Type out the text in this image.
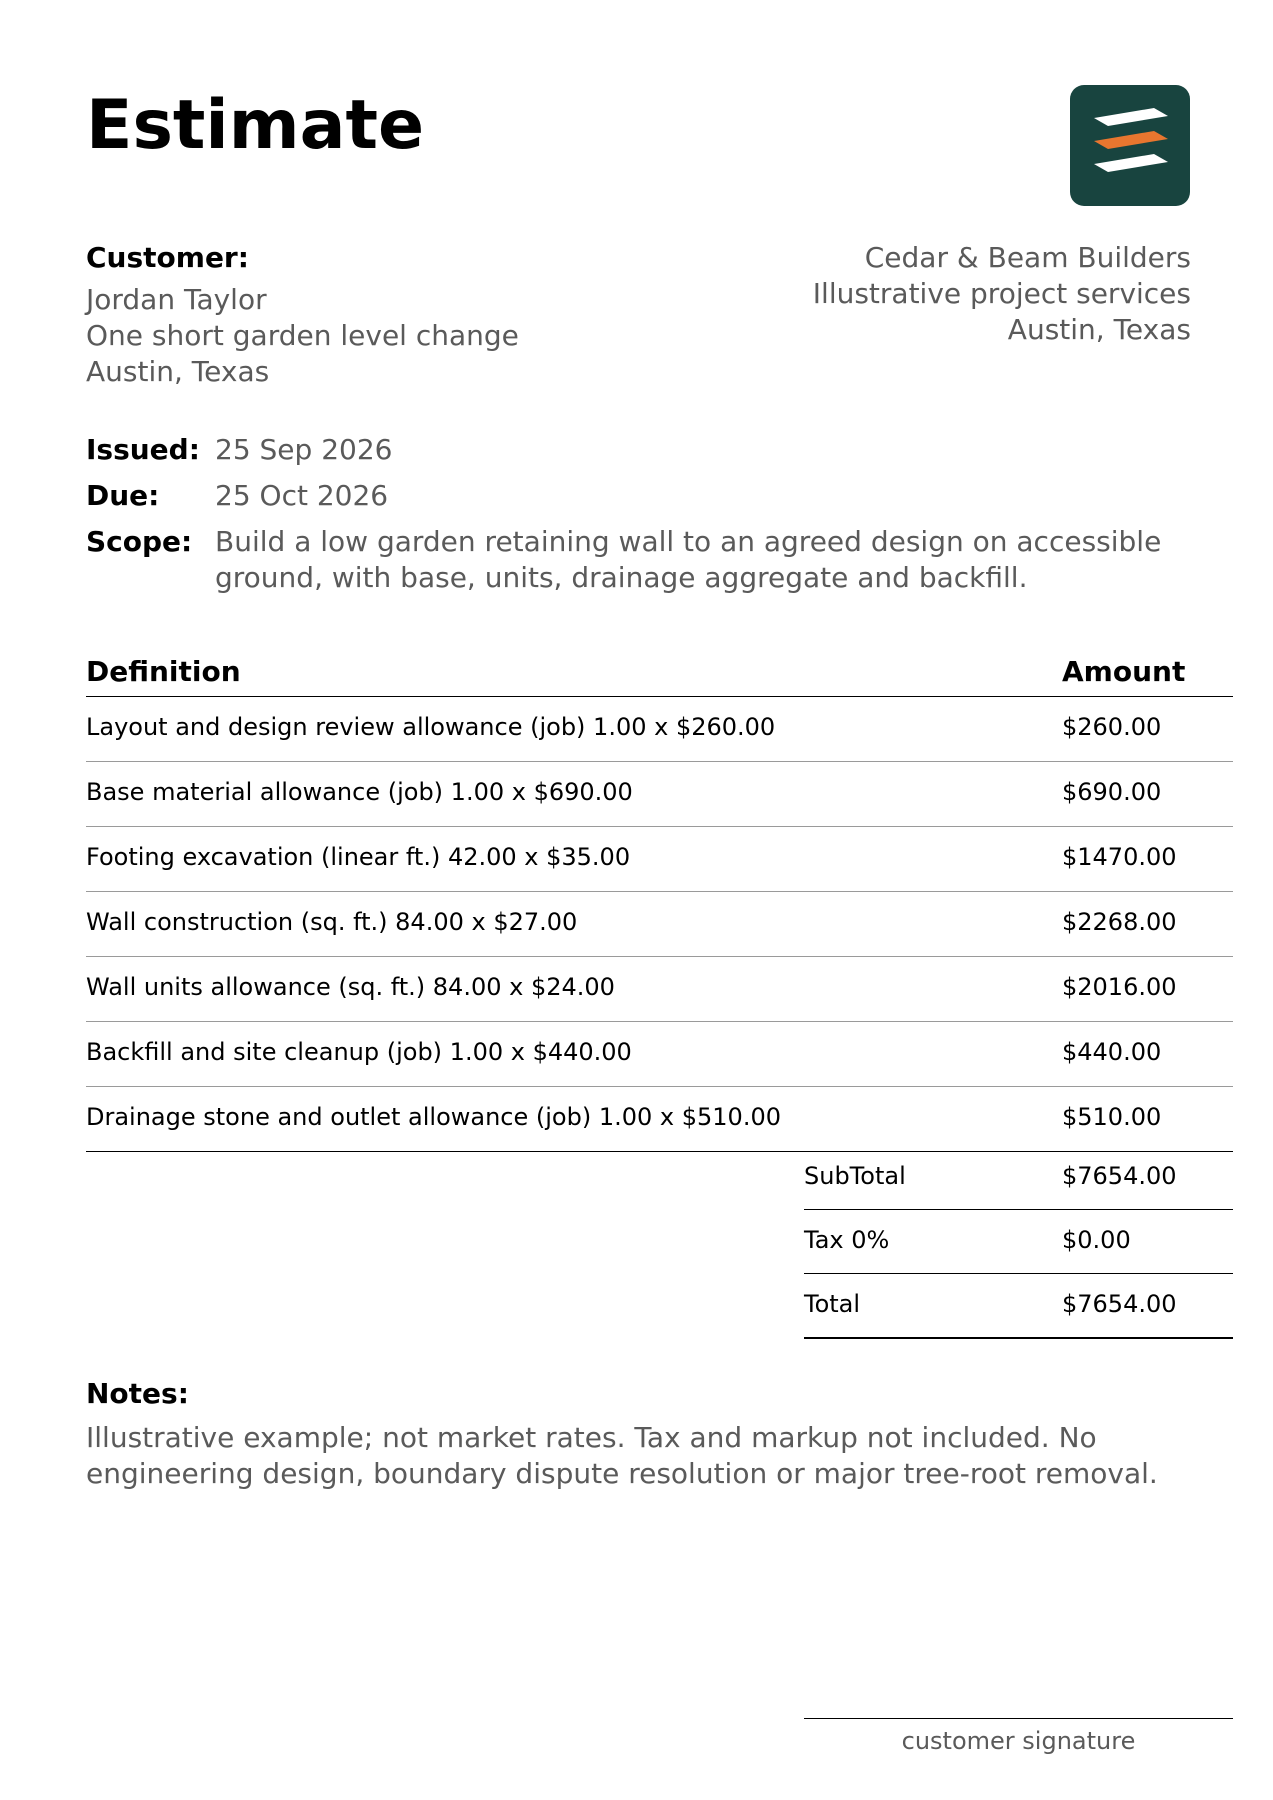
Estimate
Customer:
Jordan Taylor
One short garden level change
Austin, Texas
Cedar & Beam Builders
Illustrative project services
Austin, Texas
Issued: 25 Sep 2026
Due: 25 Oct 2026
Scope: Build a low garden retaining wall to an agreed design on accessible ground, with base, units, drainage aggregate and backfill.
Definition	Amount
Layout and design review allowance (job) 1.00 x $260.00	$260.00
Base material allowance (job) 1.00 x $690.00	$690.00
Footing excavation (linear ft.) 42.00 x $35.00	$1470.00
Wall construction (sq. ft.) 84.00 x $27.00	$2268.00
Wall units allowance (sq. ft.) 84.00 x $24.00	$2016.00
Backfill and site cleanup (job) 1.00 x $440.00	$440.00
Drainage stone and outlet allowance (job) 1.00 x $510.00	$510.00
SubTotal	$7654.00
Tax 0%	$0.00
Total	$7654.00
Notes:
Illustrative example; not market rates. Tax and markup not included. No engineering design, boundary dispute resolution or major tree-root removal.
customer signature
